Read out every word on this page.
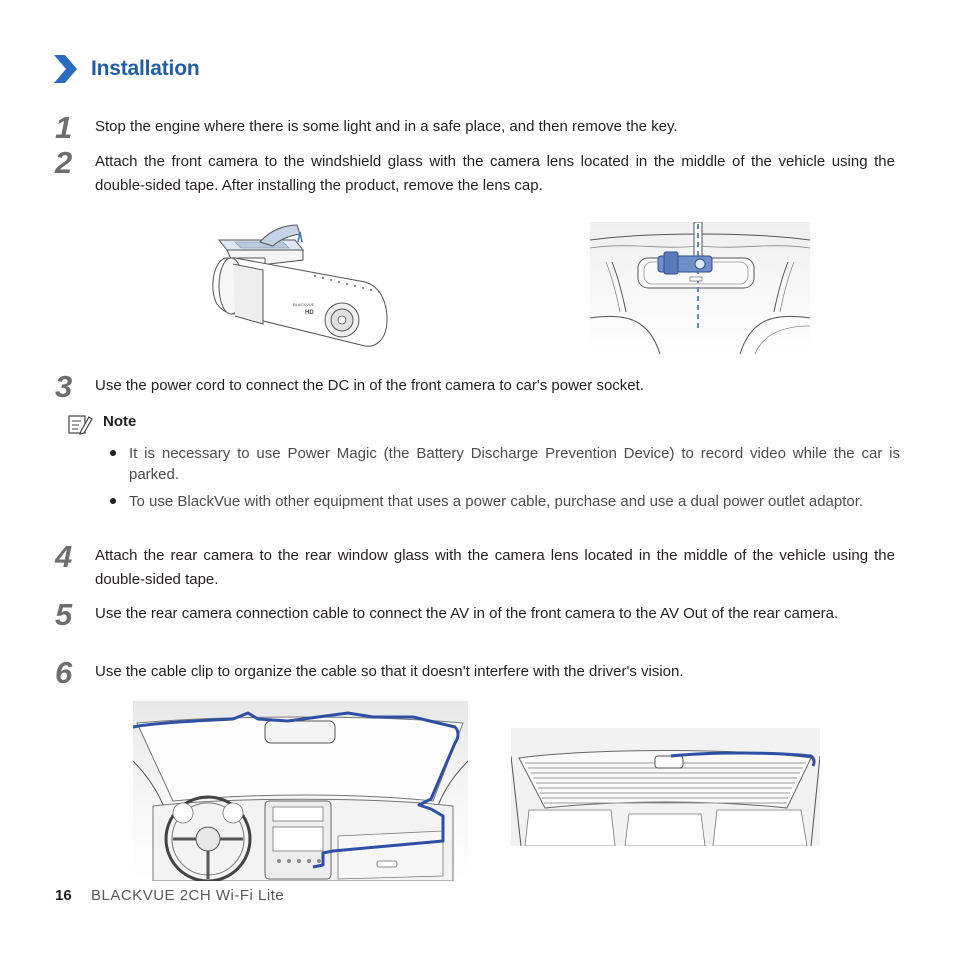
Installation
1 Stop the engine where there is some light and in a safe place, and then remove the key.
2 Attach the front camera to the windshield glass with the camera lens located in the middle of the vehicle using the double-sided tape. After installing the product, remove the lens cap.
BLACKVUE
HD
3 Use the power cord to connect the DC in of the front camera to car's power socket.
Note
It is necessary to use Power Magic (the Battery Discharge Prevention Device) to record video while the car is parked.
To use BlackVue with other equipment that uses a power cable, purchase and use a dual power outlet adaptor.
4 Attach the rear camera to the rear window glass with the camera lens located in the middle of the vehicle using the double-sided tape.
5 Use the rear camera connection cable to connect the AV in of the front camera to the AV Out of the rear camera.
6 Use the cable clip to organize the cable so that it doesn't interfere with the driver's vision.
16 BLACKVUE 2CH Wi-Fi Lite
